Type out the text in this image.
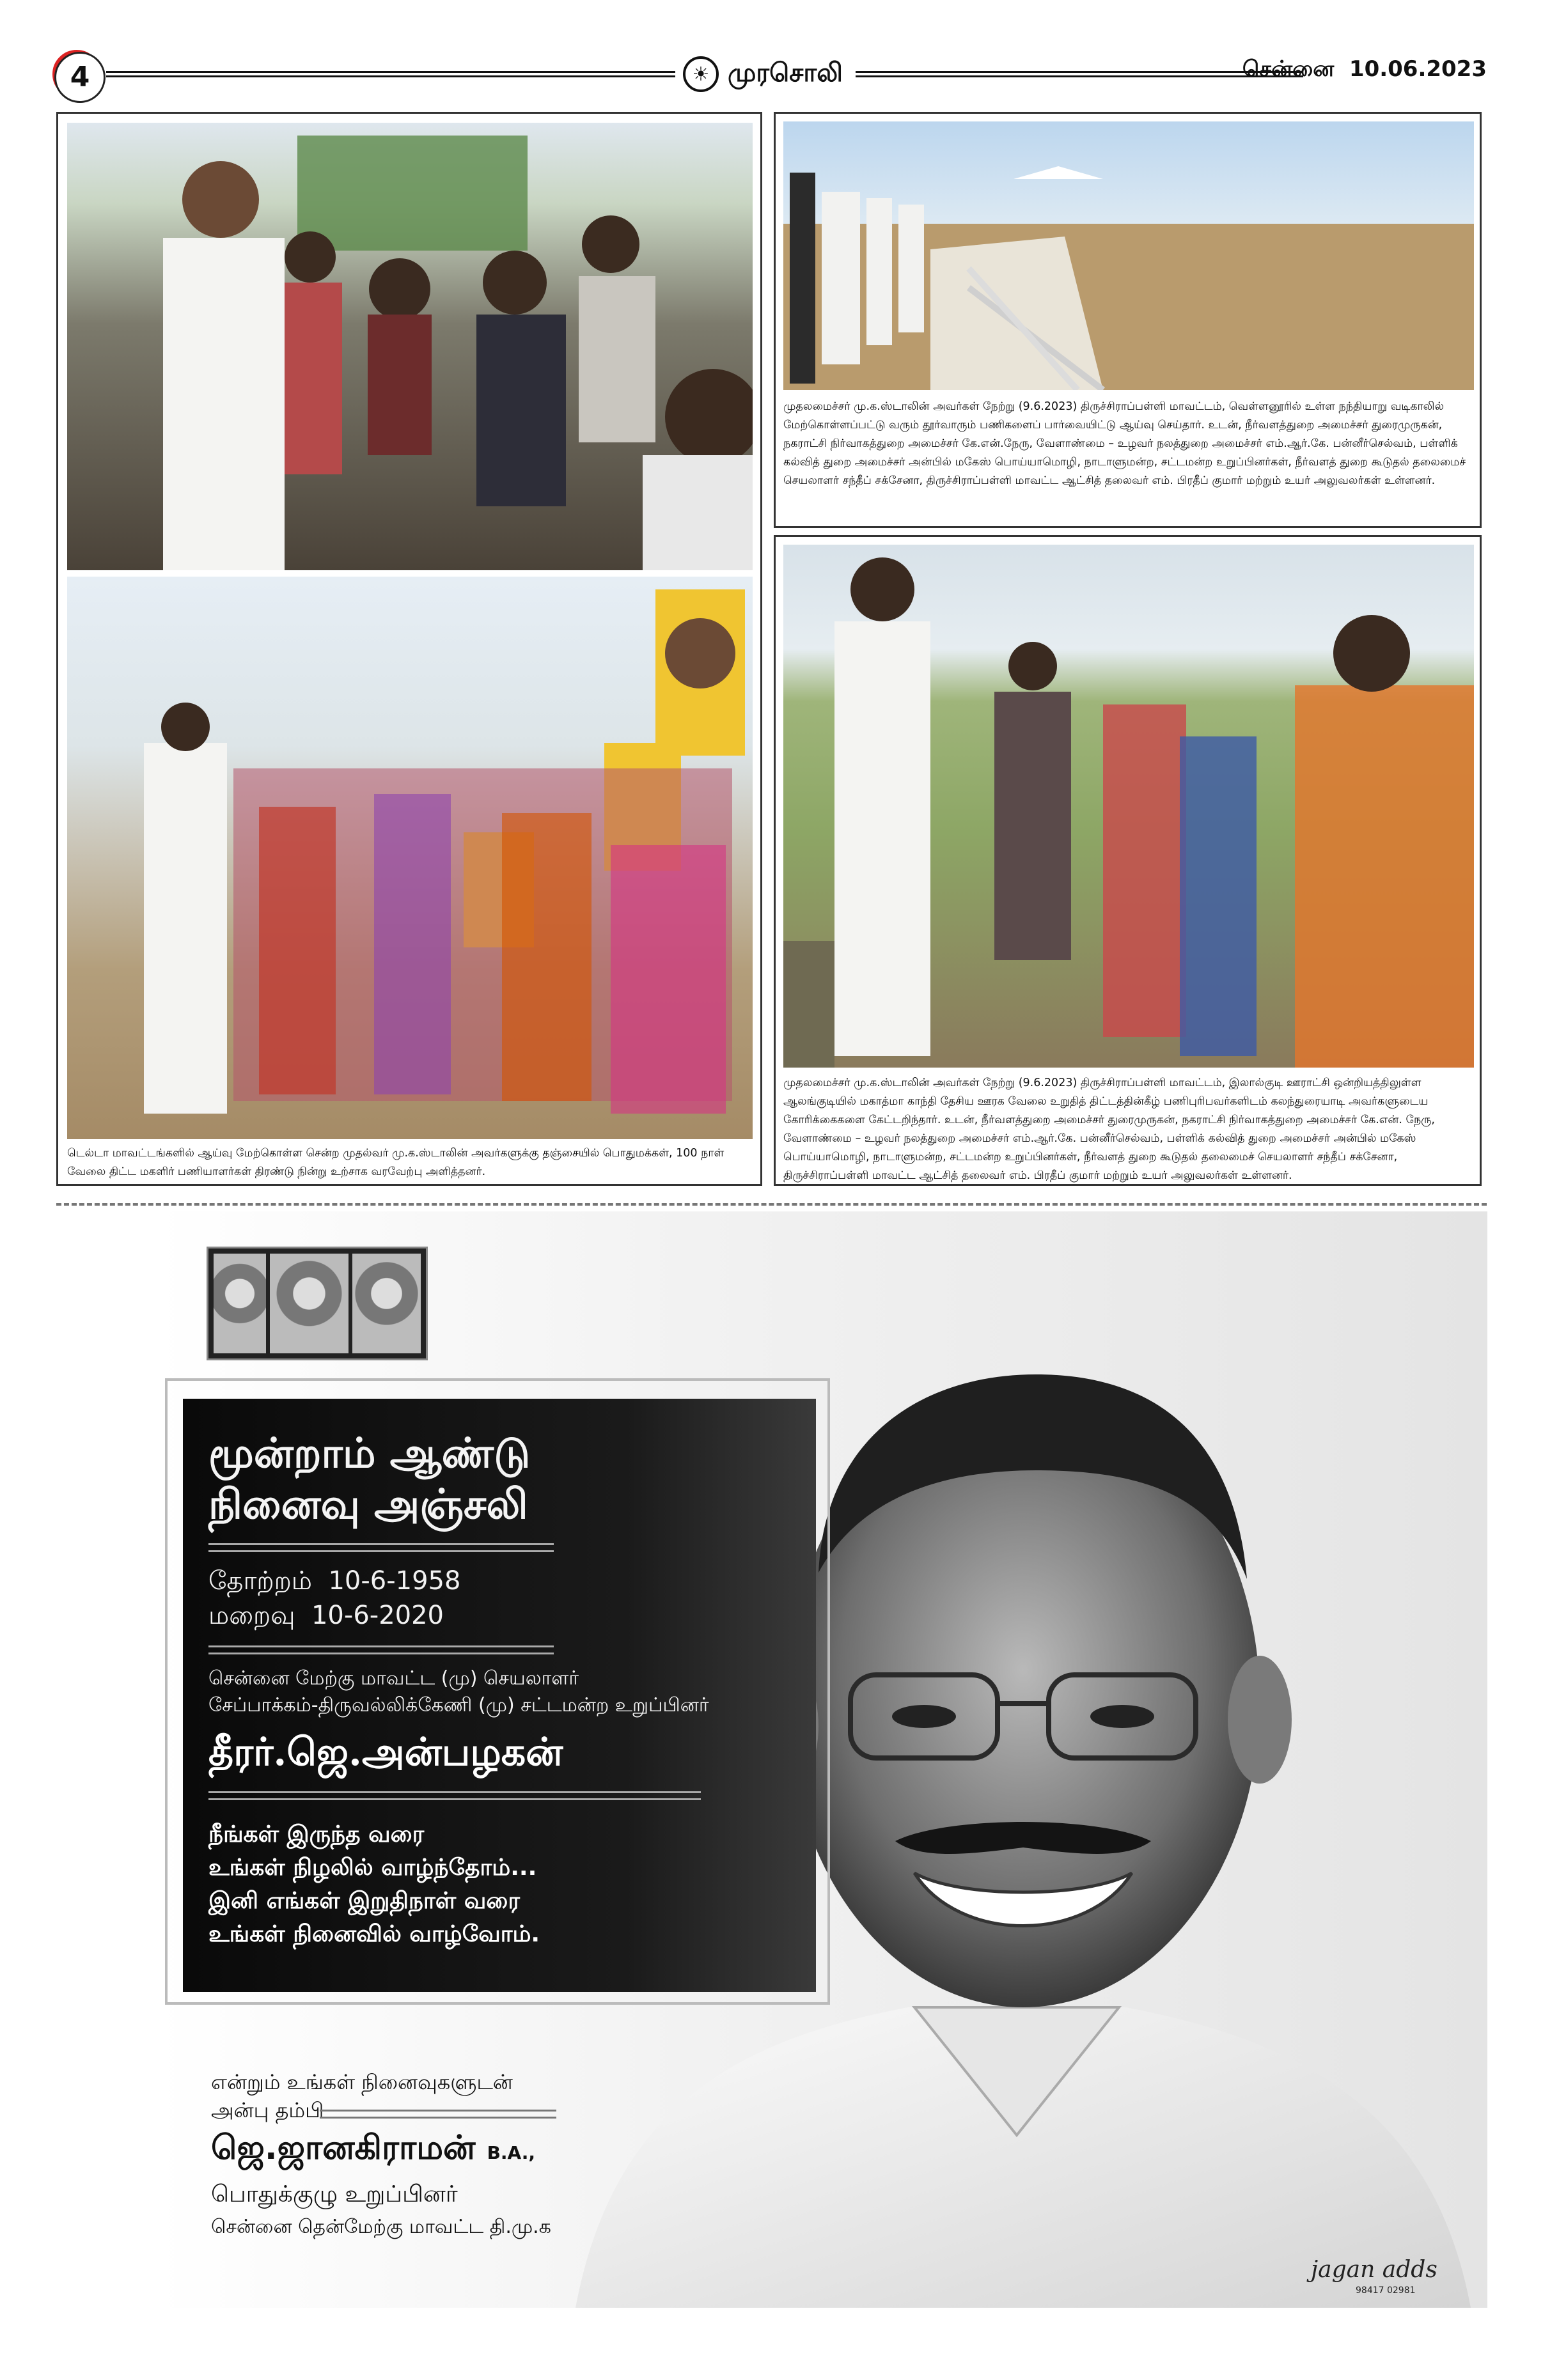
4	☀ முரசொலி	சென்னை 10.06.2023
டெல்டா மாவட்டங்களில் ஆய்வு மேற்கொள்ள சென்ற முதல்வர் மு.க.ஸ்டாலின் அவர்களுக்கு தஞ்சையில் பொதுமக்கள், 100 நாள் வேலை திட்ட மகளிர் பணியாளர்கள் திரண்டு நின்று உற்சாக வரவேற்பு அளித்தனர்.
முதலமைச்சர் மு.க.ஸ்டாலின் அவர்கள் நேற்று (9.6.2023) திருச்சிராப்பள்ளி மாவட்டம், வெள்ளனூரில் உள்ள நந்தியாறு வடிகாலில் மேற்கொள்ளப்பட்டு வரும் தூர்வாரும் பணிகளைப் பார்வையிட்டு ஆய்வு செய்தார். உடன், நீர்வளத்துறை அமைச்சர் துரைமுருகன், நகராட்சி நிர்வாகத்துறை அமைச்சர் கே.என்.நேரு, வேளாண்மை – உழவர் நலத்துறை அமைச்சர் எம்.ஆர்.கே. பன்னீர்செல்வம், பள்ளிக் கல்வித் துறை அமைச்சர் அன்பில் மகேஸ் பொய்யாமொழி, நாடாளுமன்ற, சட்டமன்ற உறுப்பினர்கள், நீர்வளத் துறை கூடுதல் தலைமைச் செயலாளர் சந்தீப் சக்சேனா, திருச்சிராப்பள்ளி மாவட்ட ஆட்சித் தலைவர் எம். பிரதீப் குமார் மற்றும் உயர் அலுவலர்கள் உள்ளனர்.
முதலமைச்சர் மு.க.ஸ்டாலின் அவர்கள் நேற்று (9.6.2023) திருச்சிராப்பள்ளி மாவட்டம், இலால்குடி ஊராட்சி ஒன்றியத்திலுள்ள ஆலங்குடியில் மகாத்மா காந்தி தேசிய ஊரக வேலை உறுதித் திட்டத்தின்கீழ் பணிபுரிபவர்களிடம் கலந்துரையாடி அவர்களுடைய கோரிக்கைகளை கேட்டறிந்தார். உடன், நீர்வளத்துறை அமைச்சர் துரைமுருகன், நகராட்சி நிர்வாகத்துறை அமைச்சர் கே.என். நேரு, வேளாண்மை – உழவர் நலத்துறை அமைச்சர் எம்.ஆர்.கே. பன்னீர்செல்வம், பள்ளிக் கல்வித் துறை அமைச்சர் அன்பில் மகேஸ் பொய்யாமொழி, நாடாளுமன்ற, சட்டமன்ற உறுப்பினர்கள், நீர்வளத் துறை கூடுதல் தலைமைச் செயலாளர் சந்தீப் சக்சேனா, திருச்சிராப்பள்ளி மாவட்ட ஆட்சித் தலைவர் எம். பிரதீப் குமார் மற்றும் உயர் அலுவலர்கள் உள்ளனர்.
மூன்றாம் ஆண்டு
நினைவு அஞ்சலி
தோற்றம் 10-6-1958
மறைவு 10-6-2020
சென்னை மேற்கு மாவட்ட (மு) செயலாளர்
சேப்பாக்கம்-திருவல்லிக்கேணி (மு) சட்டமன்ற உறுப்பினர்
தீரர்.ஜெ.அன்பழகன்
நீங்கள் இருந்த வரை
உங்கள் நிழலில் வாழ்ந்தோம்...
இனி எங்கள் இறுதிநாள் வரை
உங்கள் நினைவில் வாழ்வோம்.
என்றும் உங்கள் நினைவுகளுடன்
அன்பு தம்பி
ஜெ.ஜானகிராமன் B.A.,
பொதுக்குழு உறுப்பினர்
சென்னை தென்மேற்கு மாவட்ட தி.மு.க
jagan adds
98417 02981
